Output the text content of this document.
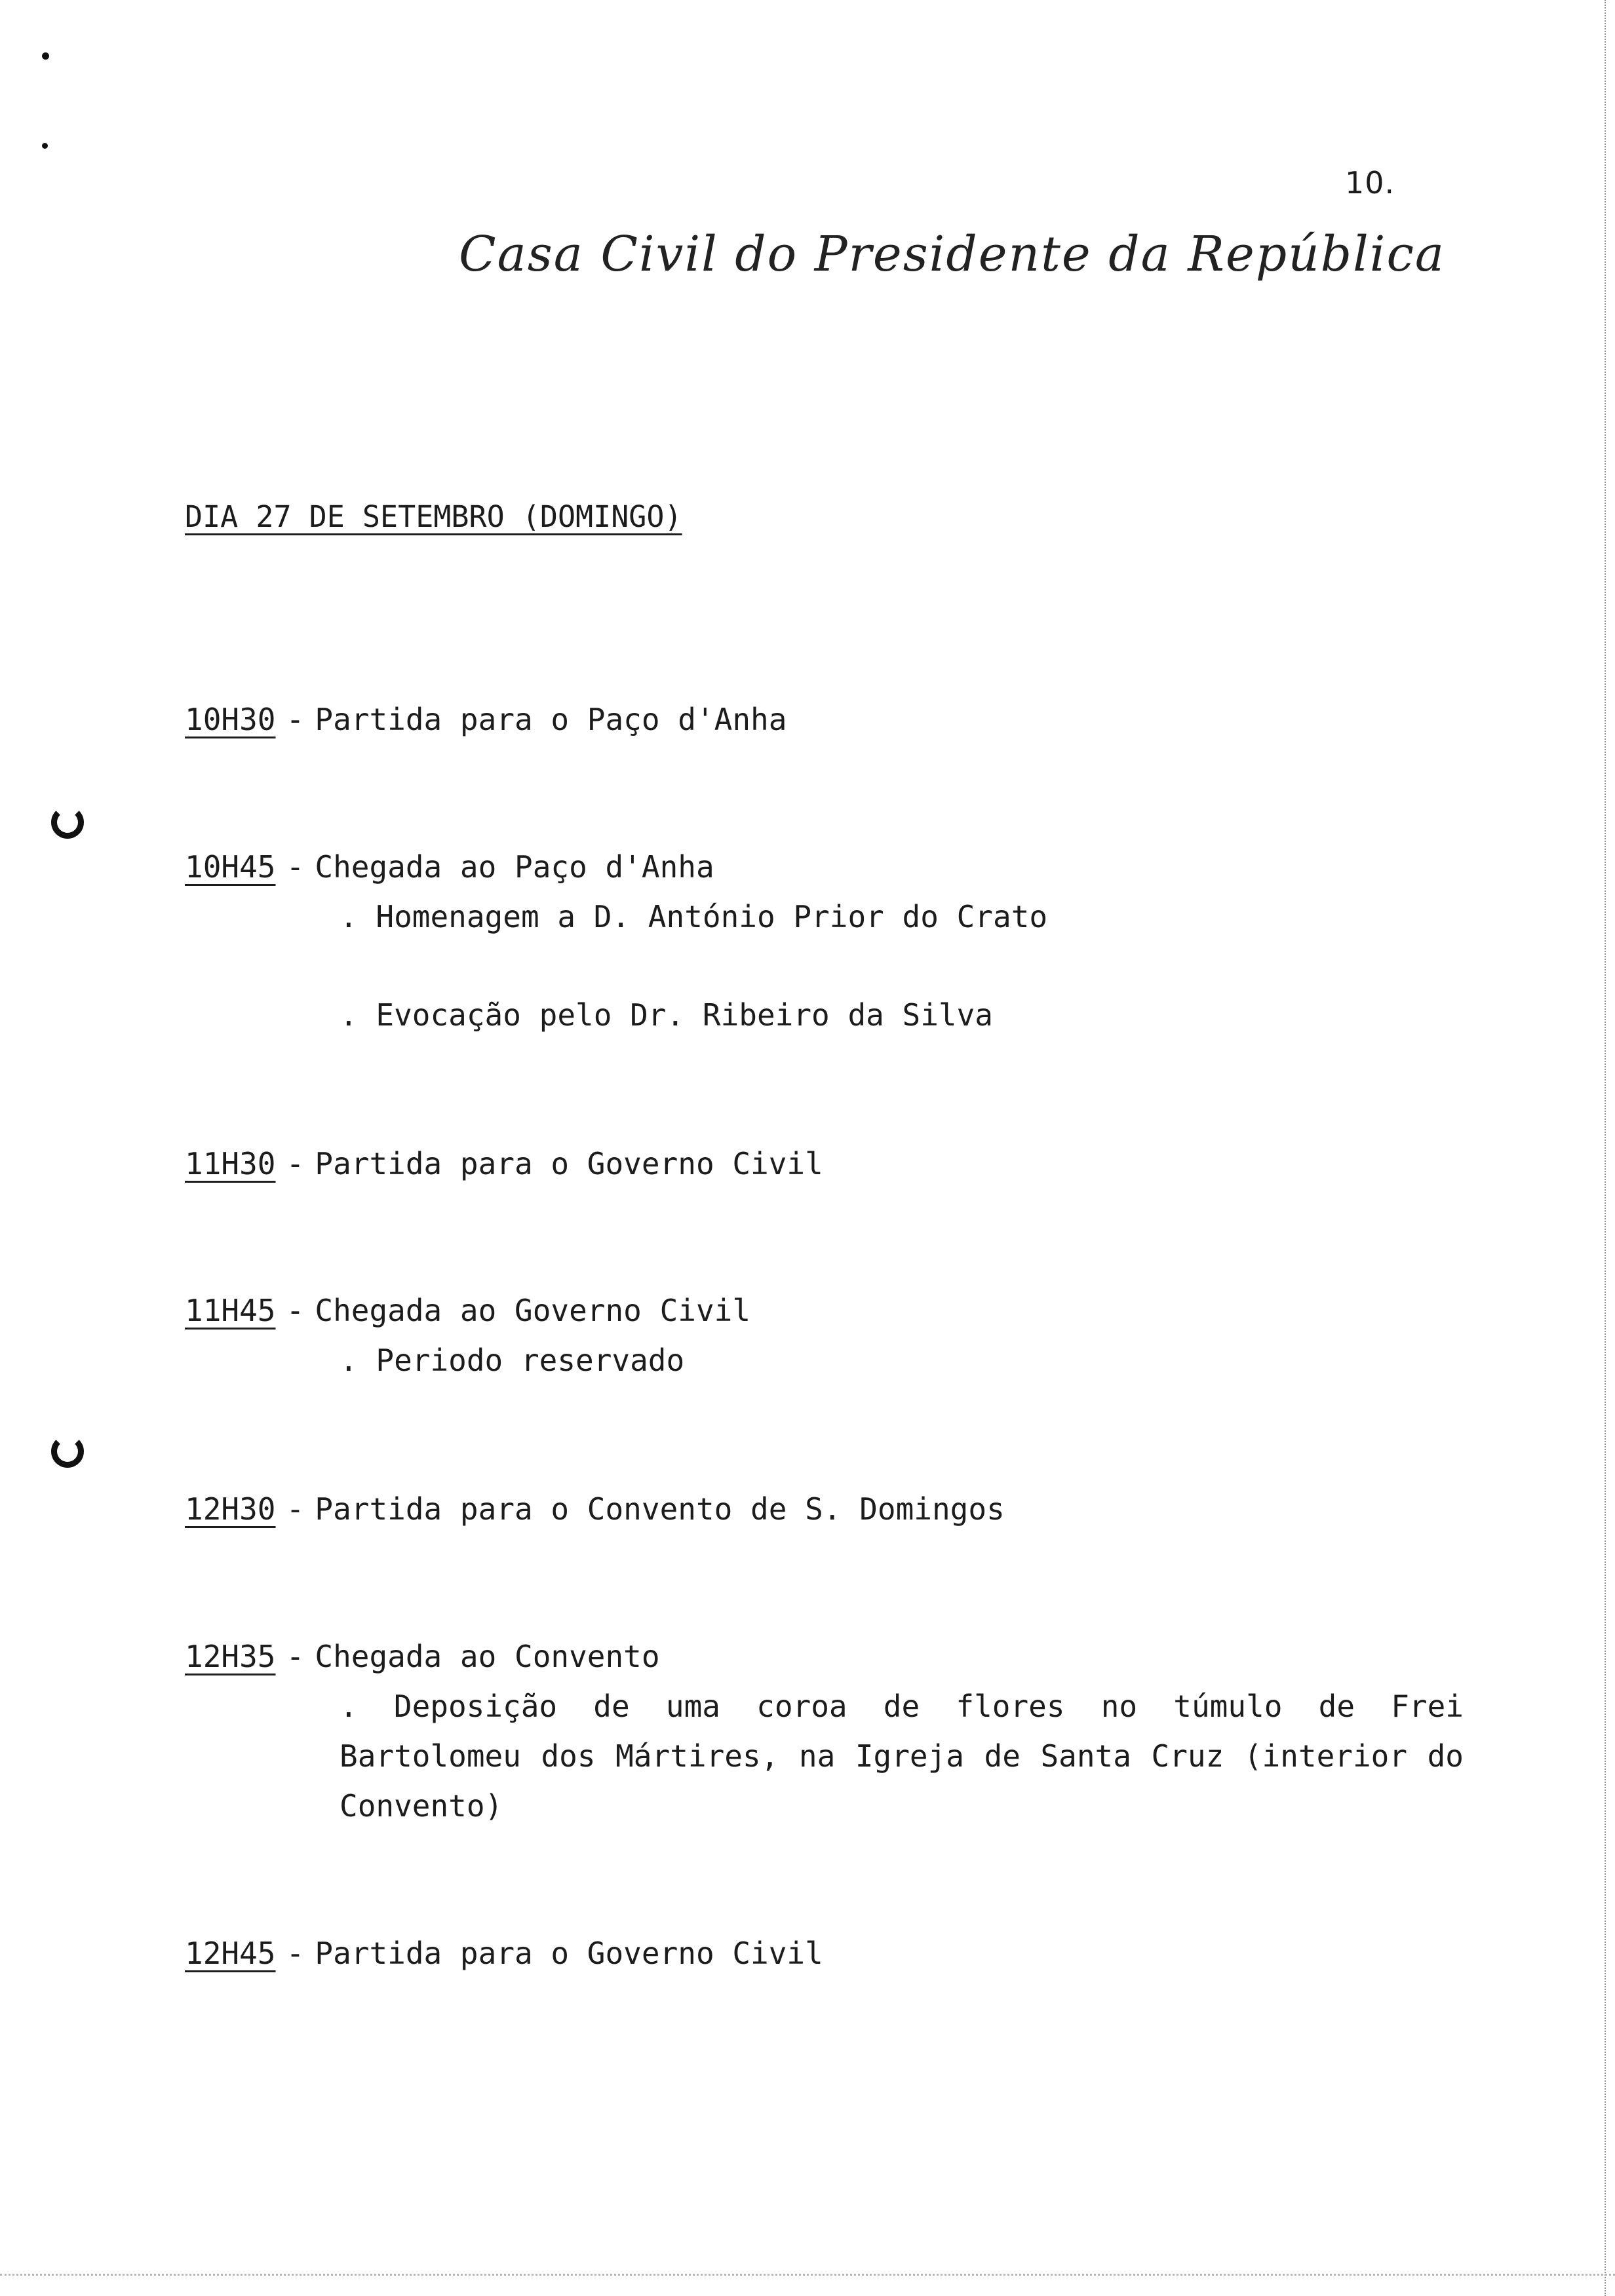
10.
Casa Civil do Presidente da República
DIA 27 DE SETEMBRO (DOMINGO)
10H30 - Partida para o Paço d'Anha
10H45 - Chegada ao Paço d'Anha
. Homenagem a D. António Prior do Crato
. Evocação pelo Dr. Ribeiro da Silva
11H30 - Partida para o Governo Civil
11H45 - Chegada ao Governo Civil
. Periodo reservado
12H30 - Partida para o Convento de S. Domingos
12H35 - Chegada ao Convento
. Deposição de uma coroa de flores no túmulo de Frei Bartolomeu dos Mártires, na Igreja de Santa Cruz (interior do Convento)
12H45 - Partida para o Governo Civil
